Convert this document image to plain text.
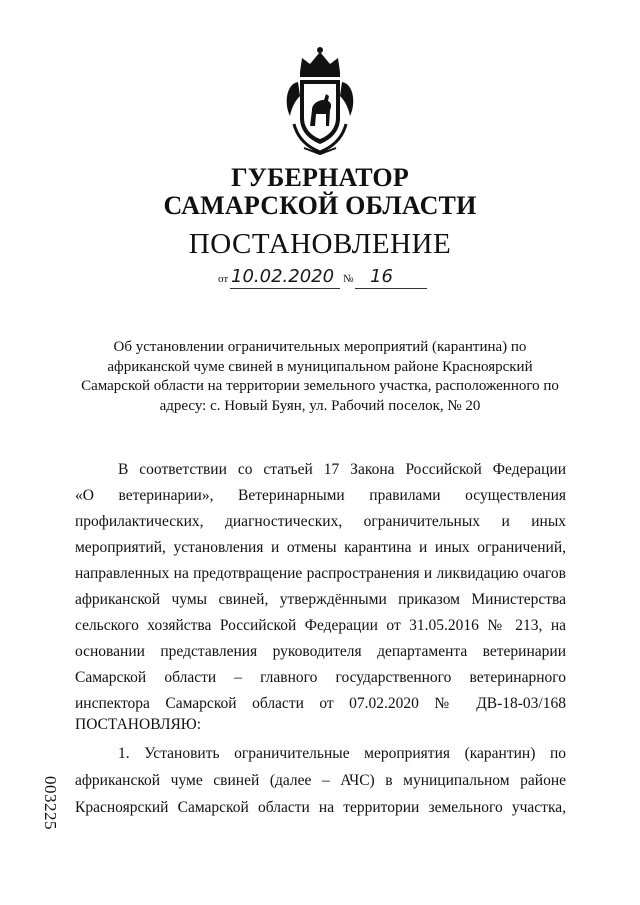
ГУБЕРНАТОР
САМАРСКОЙ ОБЛАСТИ
ПОСТАНОВЛЕНИЕ
от 10.02.2020 № 16
Об установлении ограничительных мероприятий (карантина) по
африканской чуме свиней в муниципальном районе Красноярский
Самарской области на территории земельного участка, расположенного по
адресу: с. Новый Буян, ул. Рабочий поселок, № 20
В соответствии со статьей 17 Закона Российской Федерации
«О ветеринарии», Ветеринарными правилами осуществления
профилактических, диагностических, ограничительных и иных
мероприятий, установления и отмены карантина и иных ограничений,
направленных на предотвращение распространения и ликвидацию очагов
африканской чумы свиней, утверждёнными приказом Министерства
сельского хозяйства Российской Федерации от 31.05.2016 № 213, на
основании представления руководителя департамента ветеринарии
Самарской области – главного государственного ветеринарного
инспектора Самарской области от 07.02.2020 № ДВ-18-03/168
ПОСТАНОВЛЯЮ:
1. Установить ограничительные мероприятия (карантин) по
африканской чуме свиней (далее – АЧС) в муниципальном районе
Красноярский Самарской области на территории земельного участка,
003225
